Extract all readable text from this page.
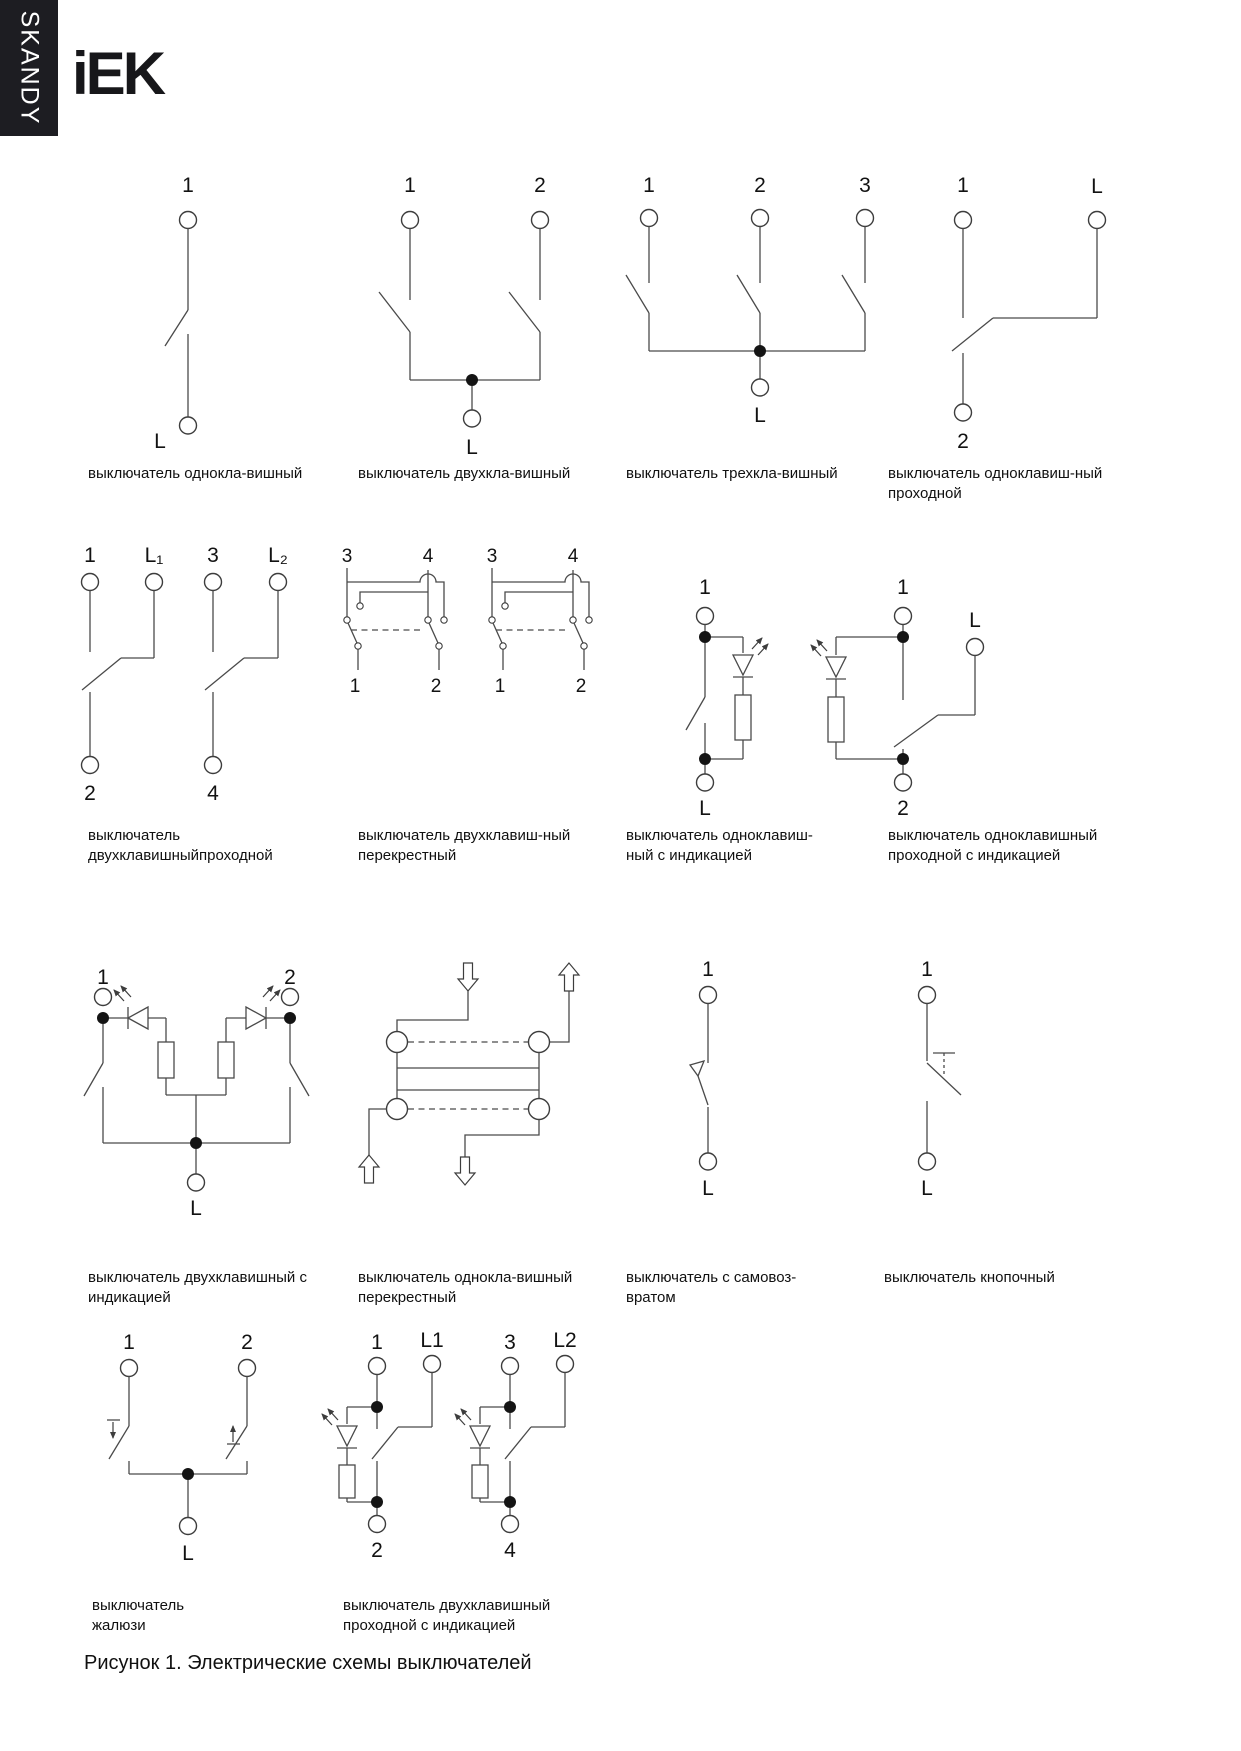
SKANDY iEK
1
L
1	2
L
1	2	3
L
1	L
2
выключатель однокла-вишный	выключатель двухкла-вишный	выключатель трехкла-вишный	выключатель одноклавиш-ный
проходной
1 L₁
2
3 L₂
4
3	4
1	2
3	4
1	2
1
L
1
L
2
выключатель
двухклавишныйпроходной
выключатель двухклавиш-ный
перекрестный
выключатель одноклавиш-
ный с индикацией
выключатель одноклавишный
проходной с индикацией
1	2
L
1
L
1
L
выключатель двухклавишный с
индикацией
выключатель однокла-вишный
перекрестный
выключатель с самовоз-
вратом
выключатель кнопочный
1	2
L
1 L1
2
3 L2
4
выключатель
жалюзи
выключатель двухклавишный
проходной с индикацией
Рисунок 1. Электрические схемы выключателей
